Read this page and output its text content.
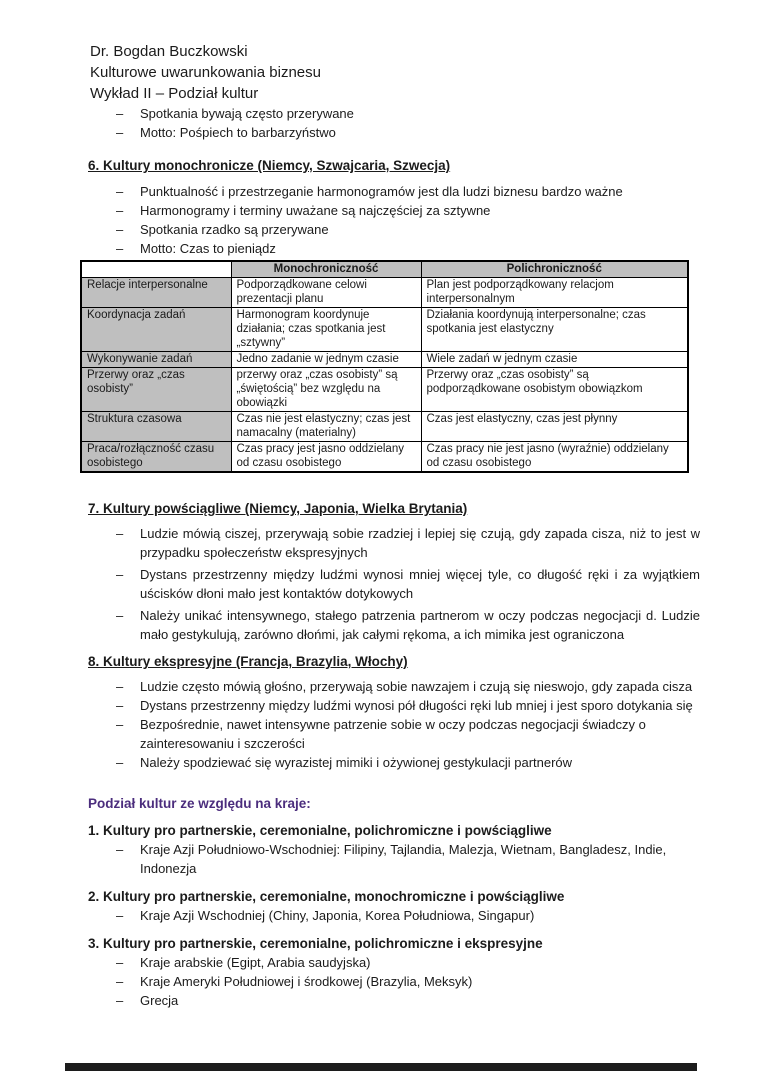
Dr. Bogdan Buczkowski
Kulturowe uwarunkowania biznesu
Wykład II – Podział kultur
–	Spotkania bywają często przerywane
–	Motto: Pośpiech to barbarzyństwo
6. Kultury monochronicze (Niemcy, Szwajcaria, Szwecja)
–	Punktualność i przestrzeganie harmonogramów jest dla ludzi biznesu bardzo ważne
–	Harmonogramy i terminy uważane są najczęściej za sztywne
–	Spotkania rzadko są przerywane
–	Motto: Czas to pieniądz
	Monochroniczność	Polichroniczność
Relacje interpersonalne	Podporządkowane celowi prezentacji planu	Plan jest podporządkowany relacjom interpersonalnym
Koordynacja zadań	Harmonogram koordynuje działania; czas spotkania jest „sztywny”	Działania koordynują interpersonalne; czas spotkania jest elastyczny
Wykonywanie zadań	Jedno zadanie w jednym czasie	Wiele zadań w jednym czasie
Przerwy oraz „czas osobisty”	przerwy oraz „czas osobisty” są „świętością” bez względu na obowiązki	Przerwy oraz „czas osobisty” są podporządkowane osobistym obowiązkom
Struktura czasowa	Czas nie jest elastyczny; czas jest namacalny (materialny)	Czas jest elastyczny, czas jest płynny
Praca/rozłączność czasu osobistego	Czas pracy jest jasno oddzielany od czasu osobistego	Czas pracy nie jest jasno (wyraźnie) oddzielany od czasu osobistego
7. Kultury powściągliwe (Niemcy, Japonia, Wielka Brytania)
–	Ludzie mówią ciszej, przerywają sobie rzadziej i lepiej się czują, gdy zapada cisza, niż to jest w przypadku społeczeństw ekspresyjnych
–	Dystans przestrzenny między ludźmi wynosi mniej więcej tyle, co długość ręki i za wyjątkiem uścisków dłoni mało jest kontaktów dotykowych
–	Należy unikać intensywnego, stałego patrzenia partnerom w oczy podczas negocjacji d. Ludzie mało gestykulują, zarówno dłońmi, jak całymi rękoma, a ich mimika jest ograniczona
8. Kultury ekspresyjne (Francja, Brazylia, Włochy)
–	Ludzie często mówią głośno, przerywają sobie nawzajem i czują się nieswojo, gdy zapada cisza
–	Dystans przestrzenny między ludźmi wynosi pół długości ręki lub mniej i jest sporo dotykania się
–	Bezpośrednie, nawet intensywne patrzenie sobie w oczy podczas negocjacji świadczy o zainteresowaniu i szczerości
–	Należy spodziewać się wyrazistej mimiki i ożywionej gestykulacji partnerów
Podział kultur ze względu na kraje:
1. Kultury pro partnerskie, ceremonialne, polichromiczne i powściągliwe
–	Kraje Azji Południowo-Wschodniej: Filipiny, Tajlandia, Malezja, Wietnam, Bangladesz, Indie, Indonezja
2. Kultury pro partnerskie, ceremonialne, monochromiczne i powściągliwe
–	Kraje Azji Wschodniej (Chiny, Japonia, Korea Południowa, Singapur)
3. Kultury pro partnerskie, ceremonialne, polichromiczne i ekspresyjne
–	Kraje arabskie (Egipt, Arabia saudyjska)
–	Kraje Ameryki Południowej i środkowej (Brazylia, Meksyk)
–	Grecja
